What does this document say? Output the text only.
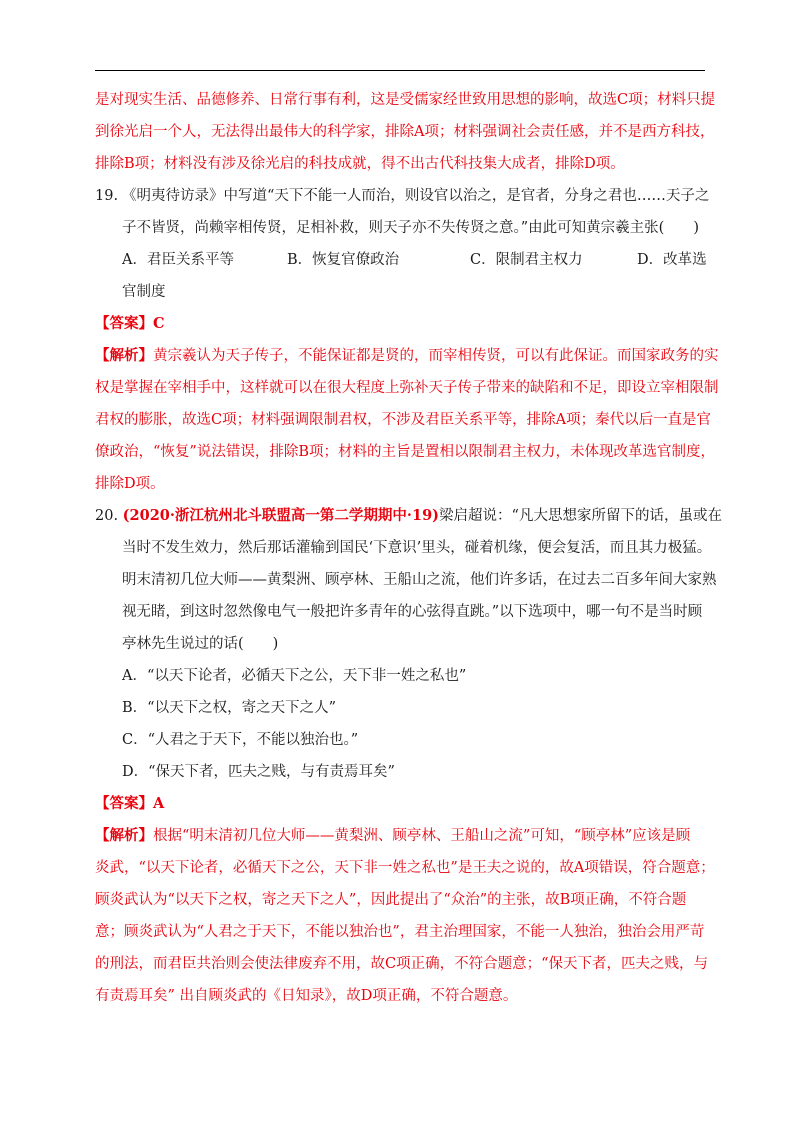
是对现实生活、品德修养、日常行事有利，这是受儒家经世致用思想的影响，故选C项；材料只提
到徐光启一个人，无法得出最伟大的科学家，排除A项；材料强调社会责任感，并不是西方科技，
排除B项；材料没有涉及徐光启的科技成就，得不出古代科技集大成者，排除D项。
19. 《明夷待访录》中写道“天下不能一人而治，则设官以治之，是官者，分身之君也……天子之
子不皆贤，尚赖宰相传贤，足相补救，则天子亦不失传贤之意。”由此可知黄宗羲主张(　　)
A．君臣关系平等	B．恢复官僚政治	C．限制君主权力	D．改革选
官制度
【答案】C
【解析】黄宗羲认为天子传子，不能保证都是贤的，而宰相传贤，可以有此保证。而国家政务的实
权是掌握在宰相手中，这样就可以在很大程度上弥补天子传子带来的缺陷和不足，即设立宰相限制
君权的膨胀，故选C项；材料强调限制君权，不涉及君臣关系平等，排除A项；秦代以后一直是官
僚政治，“恢复”说法错误，排除B项；材料的主旨是置相以限制君主权力，未体现改革选官制度，
排除D项。
20. (2020·浙江杭州北斗联盟高一第二学期期中·19)梁启超说：“凡大思想家所留下的话，虽或在
当时不发生效力，然后那话灌输到国民‘下意识’里头，碰着机缘，便会复活，而且其力极猛。
明末清初几位大师——黄梨洲、顾亭林、王船山之流，他们许多话，在过去二百多年间大家熟
视无睹，到这时忽然像电气一般把许多青年的心弦得直跳。”以下选项中，哪一句不是当时顾
亭林先生说过的话(　　)
A．“以天下论者，必循天下之公，天下非一姓之私也”
B．“以天下之权，寄之天下之人”
C．“人君之于天下，不能以独治也。”
D．“保天下者，匹夫之贱，与有责焉耳矣”
【答案】A
【解析】根据“明末清初几位大师——黄梨洲、顾亭林、王船山之流”可知，“顾亭林”应该是顾
炎武，“以天下论者，必循天下之公，天下非一姓之私也”是王夫之说的，故A项错误，符合题意；
顾炎武认为“以天下之权，寄之天下之人”，因此提出了“众治”的主张，故B项正确，不符合题
意；顾炎武认为“人君之于天下，不能以独治也”，君主治理国家，不能一人独治，独治会用严苛
的刑法，而君臣共治则会使法律废弃不用，故C项正确，不符合题意；“保天下者，匹夫之贱，与
有责焉耳矣” 出自顾炎武的《日知录》，故D项正确，不符合题意。
